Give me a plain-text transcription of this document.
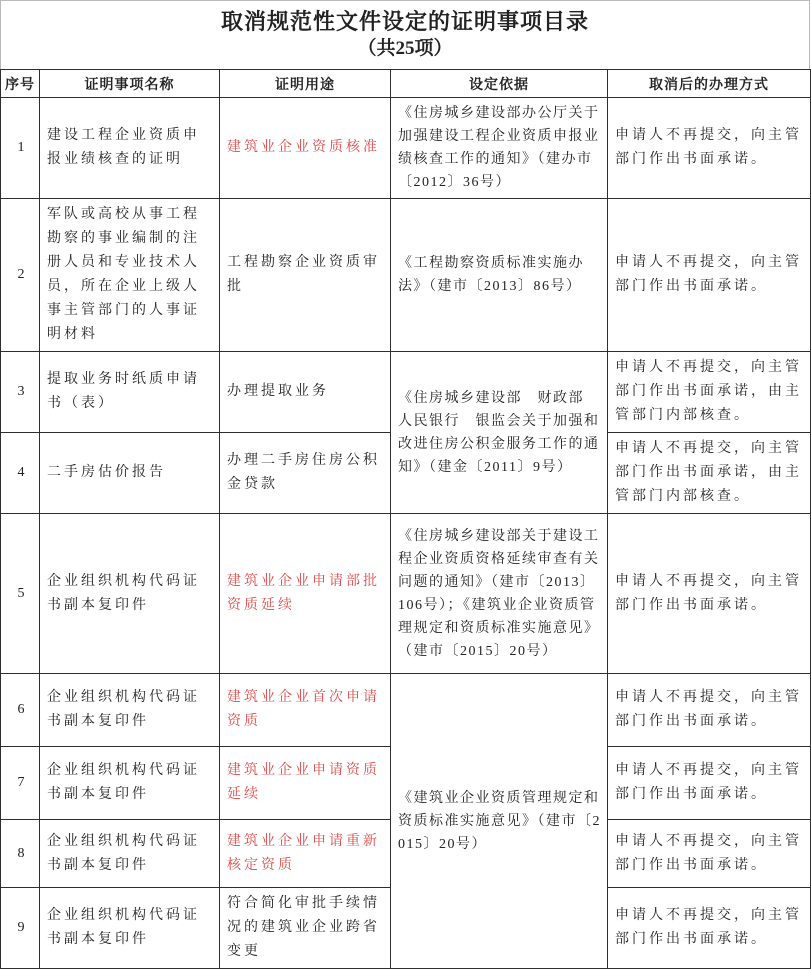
取消规范性文件设定的证明事项目录
（共25项）
序号	证明事项名称	证明用途	设定依据	取消后的办理方式
1	建设工程企业资质申报业绩核查的证明	建筑业企业资质核准	《住房城乡建设部办公厅关于加强建设工程企业资质申报业绩核查工作的通知》（建办市〔2012〕36号）	申请人不再提交，向主管部门作出书面承诺。
2	军队或高校从事工程勘察的事业编制的注册人员和专业技术人员，所在企业上级人事主管部门的人事证明材料	工程勘察企业资质审批	《工程勘察资质标准实施办法》（建市〔2013〕86号）	申请人不再提交，向主管部门作出书面承诺。
3	提取业务时纸质申请书（表）	办理提取业务	《住房城乡建设部　财政部　人民银行　银监会关于加强和改进住房公积金服务工作的通知》（建金〔2011〕9号）	申请人不再提交，向主管部门作出书面承诺，由主管部门内部核查。
4	二手房估价报告	办理二手房住房公积金贷款		申请人不再提交，向主管部门作出书面承诺，由主管部门内部核查。
5	企业组织机构代码证书副本复印件	建筑业企业申请部批资质延续	《住房城乡建设部关于建设工程企业资质资格延续审查有关问题的通知》（建市〔2013〕106号）；《建筑业企业资质管理规定和资质标准实施意见》（建市〔2015〕20号）	申请人不再提交，向主管部门作出书面承诺。
6	企业组织机构代码证书副本复印件	建筑业企业首次申请资质	《建筑业企业资质管理规定和资质标准实施意见》（建市〔2015〕20号）	申请人不再提交，向主管部门作出书面承诺。
7	企业组织机构代码证书副本复印件	建筑业企业申请资质延续		申请人不再提交，向主管部门作出书面承诺。
8	企业组织机构代码证书副本复印件	建筑业企业申请重新核定资质		申请人不再提交，向主管部门作出书面承诺。
9	企业组织机构代码证书副本复印件	符合简化审批手续情况的建筑业企业跨省变更		申请人不再提交，向主管部门作出书面承诺。
